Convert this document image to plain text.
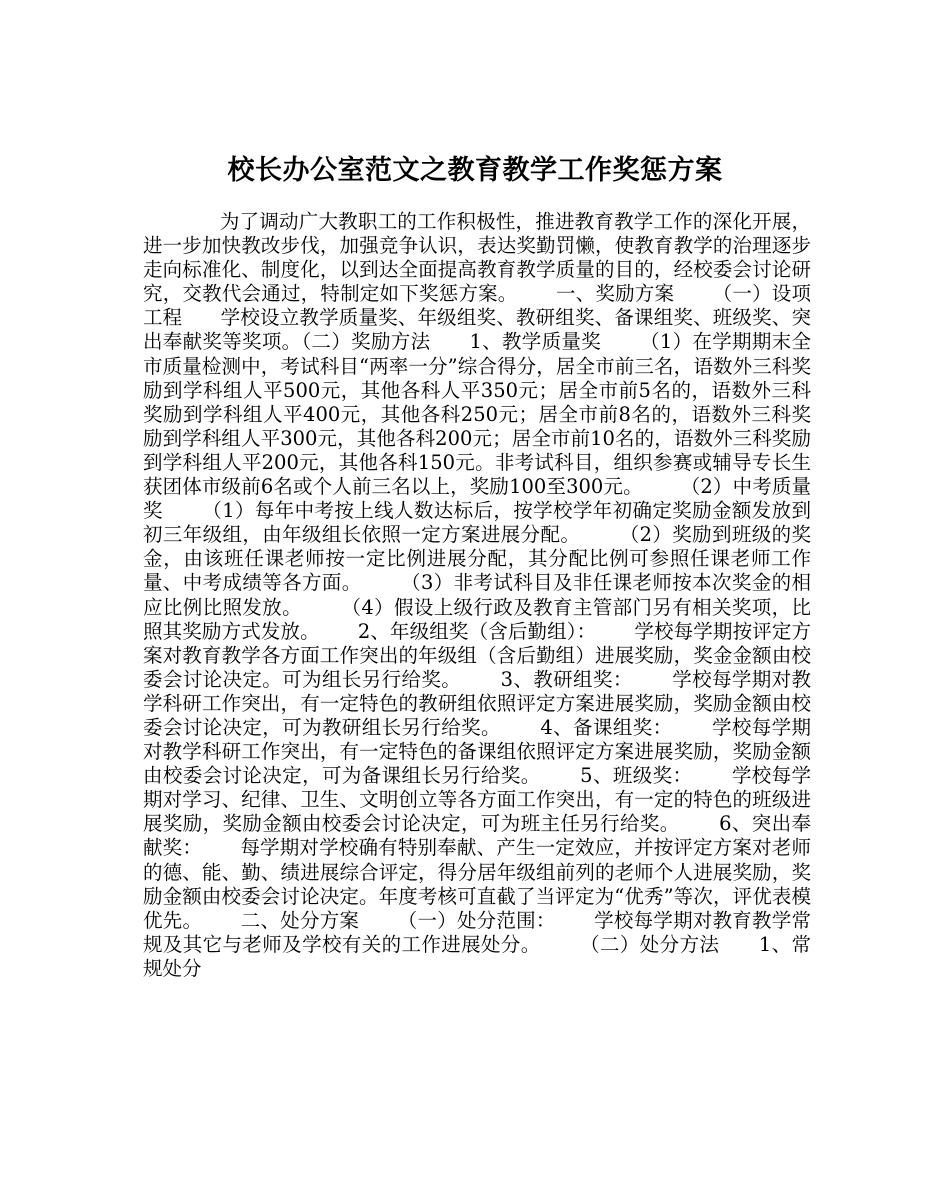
校长办公室范文之教育教学工作奖惩方案
为了调动广大教职工的工作积极性，推进教育教学工作的深化开展，进一步加快教改步伐，加强竞争认识，表达奖勤罚懒，使教育教学的治理逐步走向标准化、制度化，以到达全面提高教育教学质量的目的，经校委会讨论研究，交教代会通过，特制定如下奖惩方案。      一、奖励方案      （一）设项工程      学校设立教学质量奖、年级组奖、教研组奖、备课组奖、班级奖、突出奉献奖等奖项。（二）奖励方法      1、教学质量奖      （1）在学期期末全市质量检测中，考试科目“两率一分”综合得分，居全市前三名，语数外三科奖励到学科组人平500元，其他各科人平350元；居全市前5名的，语数外三科奖励到学科组人平400元，其他各科250元；居全市前8名的，语数外三科奖励到学科组人平300元，其他各科200元；居全市前10名的，语数外三科奖励到学科组人平200元，其他各科150元。非考试科目，组织参赛或辅导专长生获团体市级前6名或个人前三名以上，奖励100至300元。      （2）中考质量奖      （1）每年中考按上线人数达标后，按学校学年初确定奖励金额发放到初三年级组，由年级组长依照一定方案进展分配。      （2）奖励到班级的奖金，由该班任课老师按一定比例进展分配，其分配比例可参照任课老师工作量、中考成绩等各方面。      （3）非考试科目及非任课老师按本次奖金的相应比例比照发放。      （4）假设上级行政及教育主管部门另有相关奖项，比照其奖励方式发放。      2、年级组奖（含后勤组）：      学校每学期按评定方案对教育教学各方面工作突出的年级组（含后勤组）进展奖励，奖金金额由校委会讨论决定。可为组长另行给奖。      3、教研组奖：      学校每学期对教学科研工作突出，有一定特色的教研组依照评定方案进展奖励，奖励金额由校委会讨论决定，可为教研组长另行给奖。      4、备课组奖：      学校每学期对教学科研工作突出，有一定特色的备课组依照评定方案进展奖励，奖励金额由校委会讨论决定，可为备课组长另行给奖。      5、班级奖：      学校每学期对学习、纪律、卫生、文明创立等各方面工作突出，有一定的特色的班级进展奖励，奖励金额由校委会讨论决定，可为班主任另行给奖。      6、突出奉献奖：      每学期对学校确有特别奉献、产生一定效应，并按评定方案对老师的德、能、勤、绩进展综合评定，得分居年级组前列的老师个人进展奖励，奖励金额由校委会讨论决定。年度考核可直截了当评定为“优秀”等次，评优表模优先。      二、处分方案      （一）处分范围：      学校每学期对教育教学常规及其它与老师及学校有关的工作进展处分。      （二）处分方法      1、常规处分
